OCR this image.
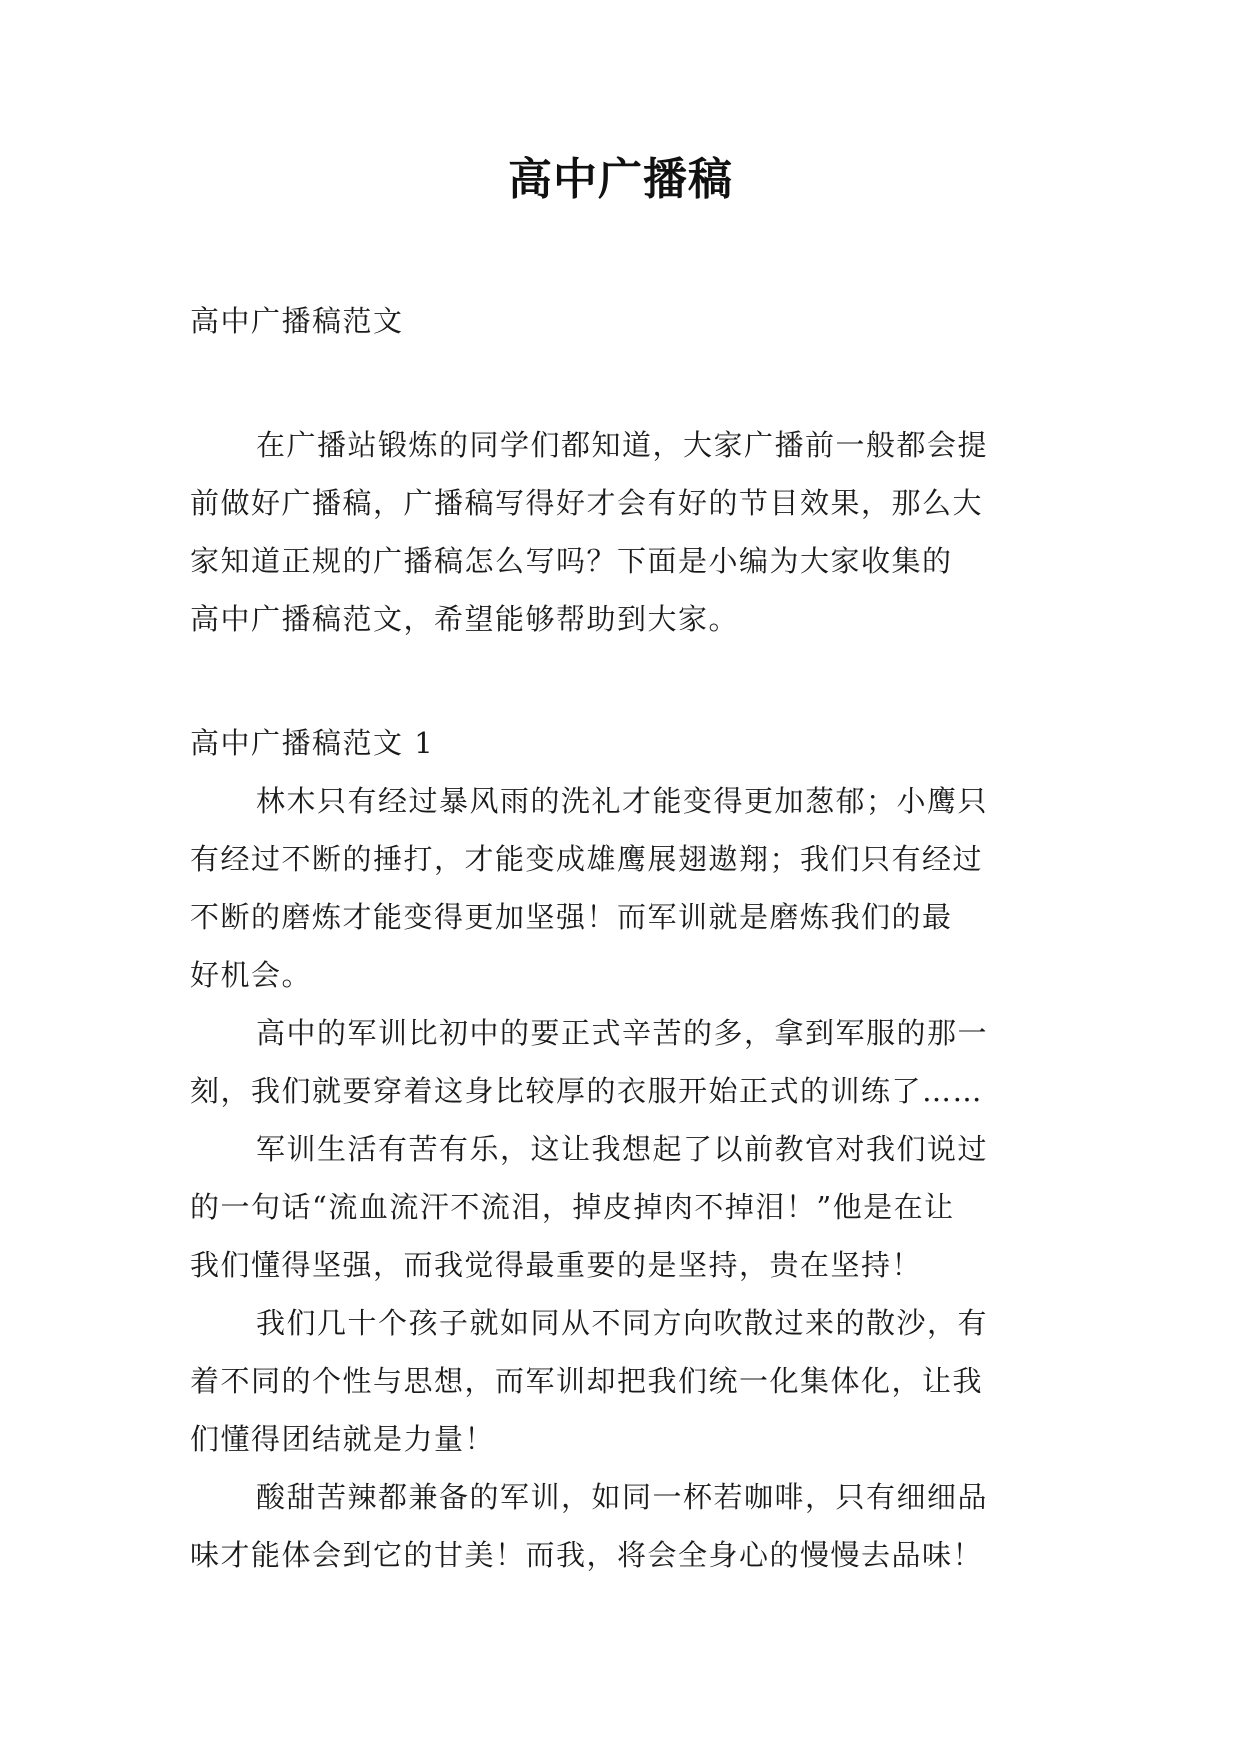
高中广播稿
高中广播稿范文
在广播站锻炼的同学们都知道，大家广播前一般都会提
前做好广播稿，广播稿写得好才会有好的节目效果，那么大
家知道正规的广播稿怎么写吗？下面是小编为大家收集的
高中广播稿范文，希望能够帮助到大家。
高中广播稿范文 1
林木只有经过暴风雨的洗礼才能变得更加葱郁；小鹰只
有经过不断的捶打，才能变成雄鹰展翅遨翔；我们只有经过
不断的磨炼才能变得更加坚强！而军训就是磨炼我们的最
好机会。
高中的军训比初中的要正式辛苦的多，拿到军服的那一
刻，我们就要穿着这身比较厚的衣服开始正式的训练了……
军训生活有苦有乐，这让我想起了以前教官对我们说过
的一句话“流血流汗不流泪，掉皮掉肉不掉泪！”他是在让
我们懂得坚强，而我觉得最重要的是坚持，贵在坚持！
我们几十个孩子就如同从不同方向吹散过来的散沙，有
着不同的个性与思想，而军训却把我们统一化集体化，让我
们懂得团结就是力量！
酸甜苦辣都兼备的军训，如同一杯若咖啡，只有细细品
味才能体会到它的甘美！而我，将会全身心的慢慢去品味！
